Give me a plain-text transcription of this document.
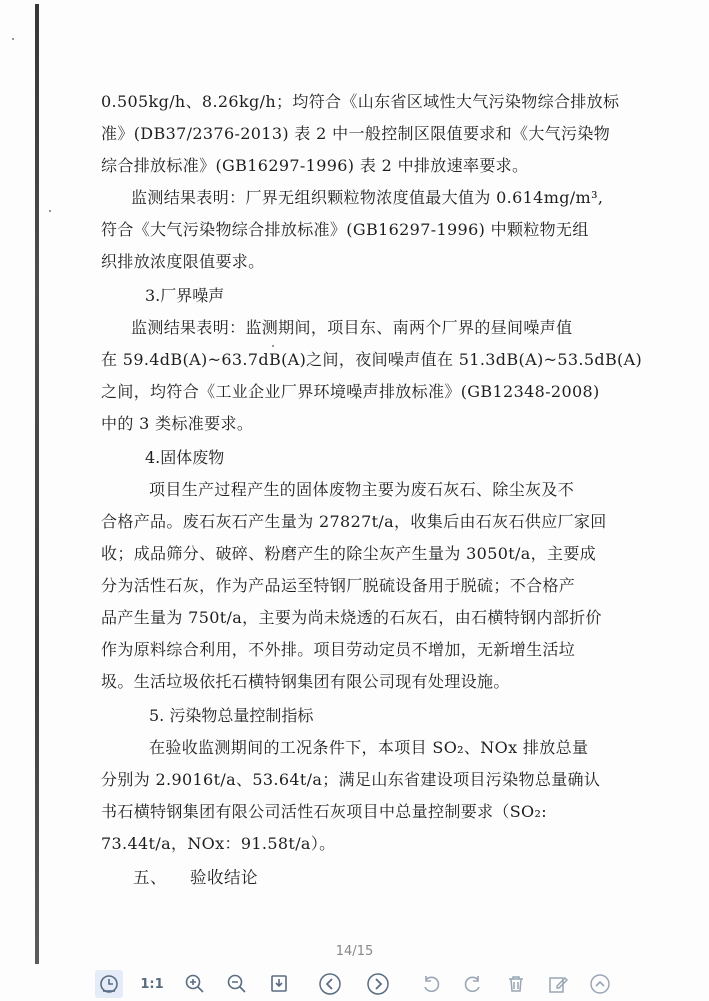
0.505kg/h、8.26kg/h；均符合《山东省区域性大气污染物综合排放标
准》(DB37/2376-2013) 表 2 中一般控制区限值要求和《大气污染物
综合排放标准》(GB16297-1996) 表 2 中排放速率要求。
监测结果表明：厂界无组织颗粒物浓度值最大值为 0.614mg/m³,
符合《大气污染物综合排放标准》(GB16297-1996) 中颗粒物无组
织排放浓度限值要求。
3.厂界噪声
监测结果表明：监测期间，项目东、南两个厂界的昼间噪声值
在 59.4dB(A)~63.7dB(A)之间，夜间噪声值在 51.3dB(A)~53.5dB(A)
之间，均符合《工业企业厂界环境噪声排放标准》(GB12348-2008)
中的 3 类标准要求。
4.固体废物
项目生产过程产生的固体废物主要为废石灰石、除尘灰及不
合格产品。废石灰石产生量为 27827t/a，收集后由石灰石供应厂家回
收；成品筛分、破碎、粉磨产生的除尘灰产生量为 3050t/a，主要成
分为活性石灰，作为产品运至特钢厂脱硫设备用于脱硫；不合格产
品产生量为 750t/a，主要为尚未烧透的石灰石，由石横特钢内部折价
作为原料综合利用，不外排。项目劳动定员不增加，无新增生活垃
圾。生活垃圾依托石横特钢集团有限公司现有处理设施。
5. 污染物总量控制指标
在验收监测期间的工况条件下，本项目 SO₂、NOx 排放总量
分别为 2.9016t/a、53.64t/a；满足山东省建设项目污染物总量确认
书石横特钢集团有限公司活性石灰项目中总量控制要求（SO₂:
73.44t/a，NOx：91.58t/a）。
五、    验收结论
14/15
1:1
